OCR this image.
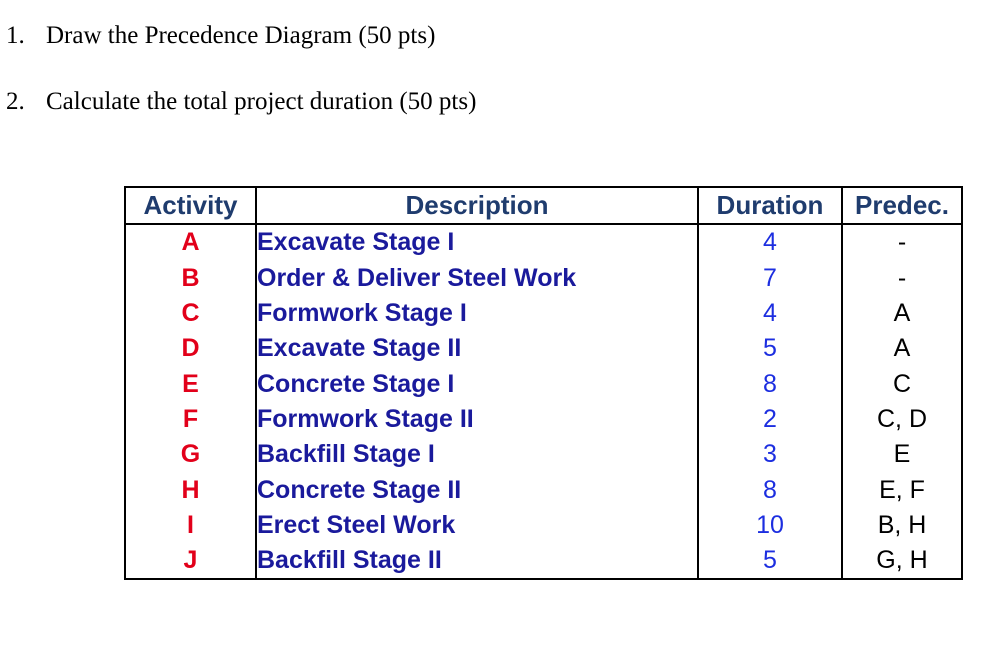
1. Draw the Precedence Diagram (50 pts)
2. Calculate the total project duration (50 pts)
Activity	Description	Duration	Predec.
A	Excavate Stage I	4	-
B	Order & Deliver Steel Work	7	-
C	Formwork Stage I	4	A
D	Excavate Stage II	5	A
E	Concrete Stage I	8	C
F	Formwork Stage II	2	C, D
G	Backfill Stage I	3	E
H	Concrete Stage II	8	E, F
I	Erect Steel Work	10	B, H
J	Backfill Stage II	5	G, H
